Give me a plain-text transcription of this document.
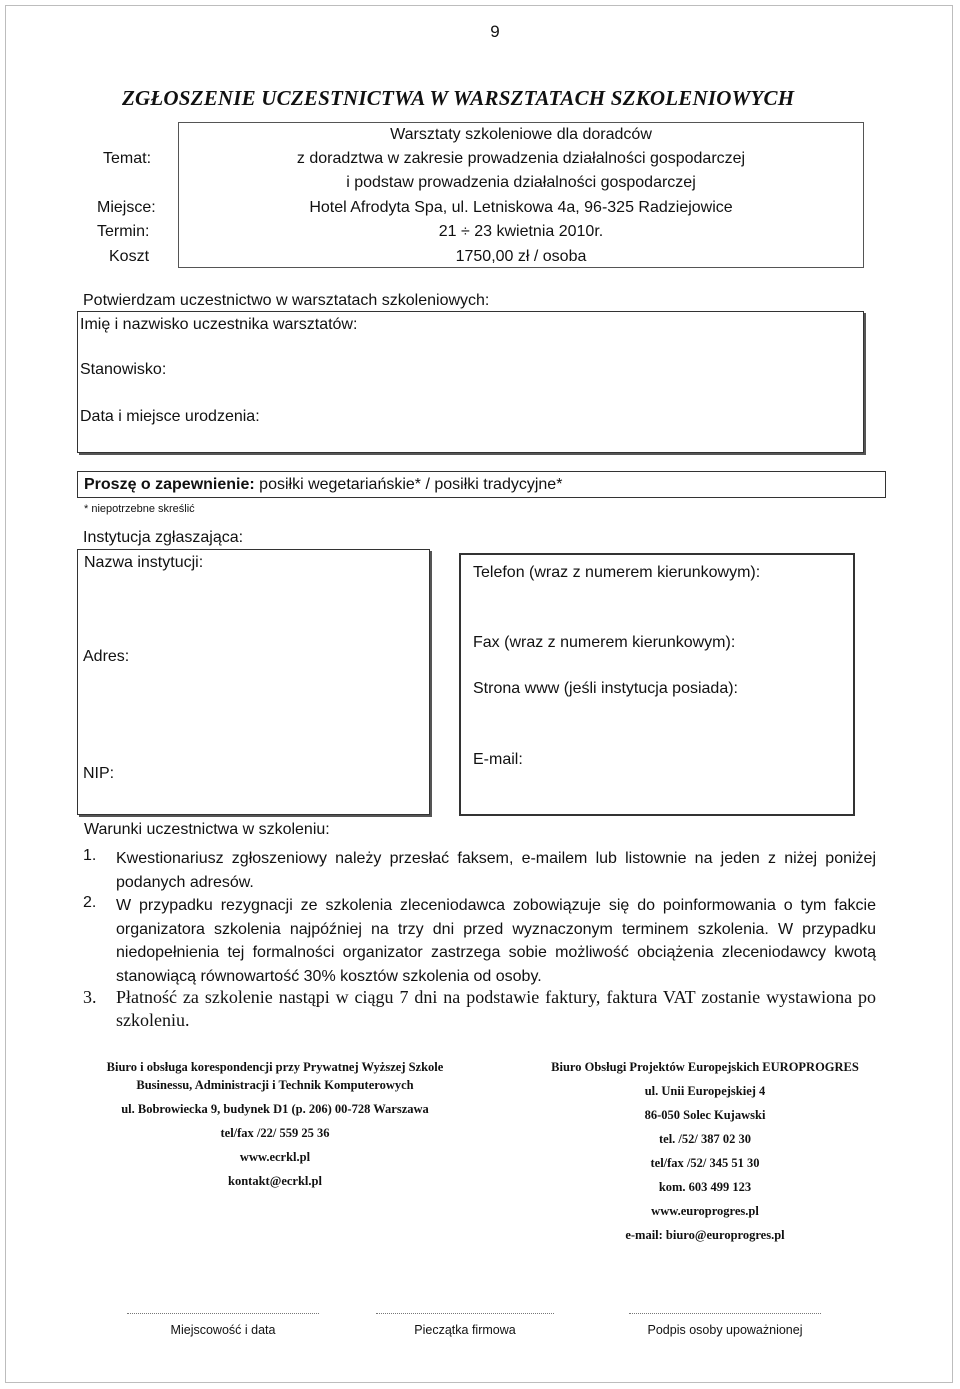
9
ZGŁOSZENIE UCZESTNICTWA W WARSZTATACH SZKOLENIOWYCH
Temat:
Warsztaty szkoleniowe dla doradców
z doradztwa w zakresie prowadzenia działalności gospodarczej
i podstaw prowadzenia działalności gospodarczej
Miejsce:	Hotel Afrodyta Spa, ul. Letniskowa 4a, 96-325 Radziejowice
Termin:	21 ÷ 23 kwietnia 2010r.
Koszt	1750,00 zł / osoba
Potwierdzam uczestnictwo w warsztatach szkoleniowych:
Imię i nazwisko uczestnika warsztatów:
Stanowisko:
Data i miejsce urodzenia:
Proszę o zapewnienie: posiłki wegetariańskie* / posiłki tradycyjne*
* niepotrzebne skreślić
Instytucja zgłaszająca:
Nazwa instytucji:
Adres:
NIP:
Telefon (wraz z numerem kierunkowym):
Fax (wraz z numerem kierunkowym):
Strona www (jeśli instytucja posiada):
E-mail:
Warunki uczestnictwa w szkoleniu:
1. Kwestionariusz zgłoszeniowy należy przesłać faksem, e-mailem lub listownie na jeden z niżej poniżej podanych adresów.
2. W przypadku rezygnacji ze szkolenia zleceniodawca zobowiązuje się do poinformowania o tym fakcie organizatora szkolenia najpóźniej na trzy dni przed wyznaczonym terminem szkolenia. W przypadku niedopełnienia tej formalności organizator zastrzega sobie możliwość obciążenia zleceniodawcy kwotą stanowiącą równowartość 30% kosztów szkolenia od osoby.
3. Płatność za szkolenie nastąpi w ciągu 7 dni na podstawie faktury, faktura VAT zostanie wystawiona po szkoleniu.
Biuro i obsługa korespondencji przy Prywatnej Wyższej Szkole
Businessu, Administracji i Technik Komputerowych
ul. Bobrowiecka 9, budynek D1 (p. 206) 00-728 Warszawa
tel/fax /22/ 559 25 36
www.ecrkl.pl
kontakt@ecrkl.pl
Biuro Obsługi Projektów Europejskich EUROPROGRES
ul. Unii Europejskiej 4
86-050 Solec Kujawski
tel. /52/ 387 02 30
tel/fax /52/ 345 51 30
kom. 603 499 123
www.europrogres.pl
e-mail: biuro@europrogres.pl
Miejscowość i data	Pieczątka firmowa	Podpis osoby upoważnionej
